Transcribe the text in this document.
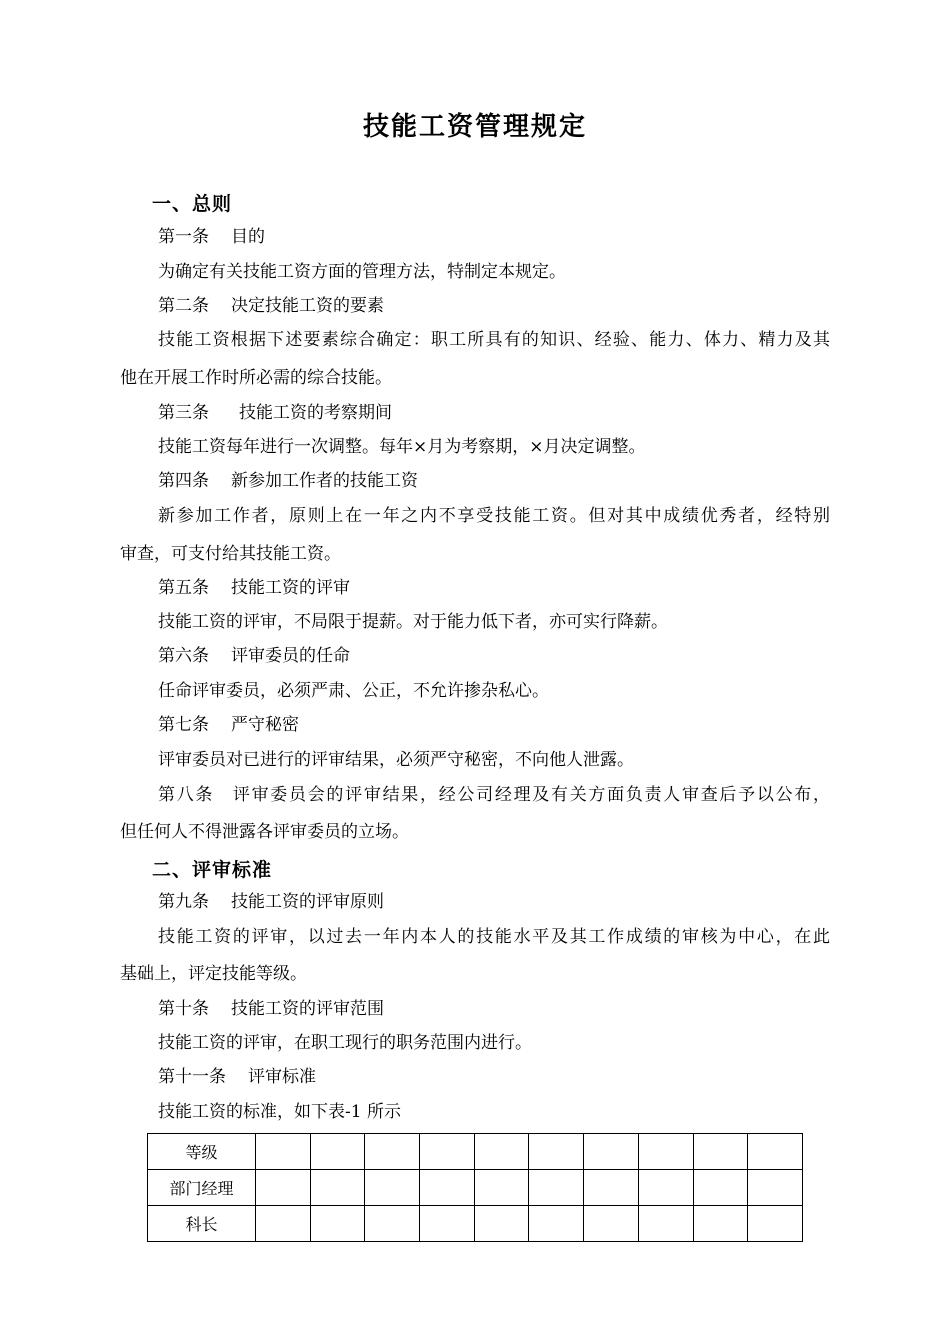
技能工资管理规定
一、总则
第一条 目的
为确定有关技能工资方面的管理方法，特制定本规定。
第二条 决定技能工资的要素
技能工资根据下述要素综合确定：职工所具有的知识、经验、能力、体力、精力及其
他在开展工作时所必需的综合技能。
第三条 技能工资的考察期间
技能工资每年进行一次调整。每年×月为考察期，×月决定调整。
第四条 新参加工作者的技能工资
新参加工作者，原则上在一年之内不享受技能工资。但对其中成绩优秀者，经特别
审查，可支付给其技能工资。
第五条 技能工资的评审
技能工资的评审，不局限于提薪。对于能力低下者，亦可实行降薪。
第六条 评审委员的任命
任命评审委员，必须严肃、公正，不允许掺杂私心。
第七条 严守秘密
评审委员对已进行的评审结果，必须严守秘密，不向他人泄露。
第八条　评审委员会的评审结果，经公司经理及有关方面负责人审查后予以公布，
但任何人不得泄露各评审委员的立场。
二、评审标准
第九条 技能工资的评审原则
技能工资的评审，以过去一年内本人的技能水平及其工作成绩的审核为中心，在此
基础上，评定技能等级。
第十条 技能工资的评审范围
技能工资的评审，在职工现行的职务范围内进行。
第十一条 评审标准
技能工资的标准，如下表-1 所示
等级										
部门经理										
科长										
